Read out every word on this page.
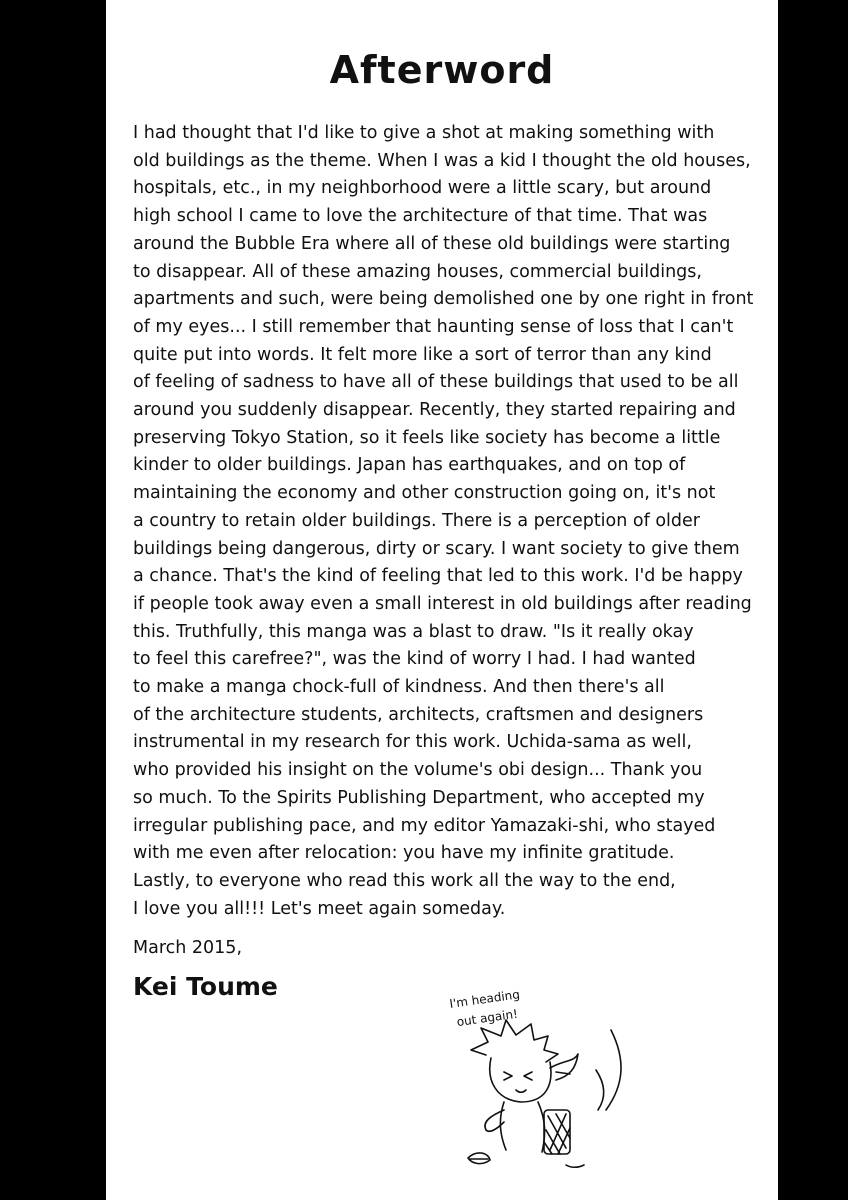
Afterword
I had thought that I'd like to give a shot at making something with
old buildings as the theme. When I was a kid I thought the old houses,
hospitals, etc., in my neighborhood were a little scary, but around
high school I came to love the architecture of that time. That was
around the Bubble Era where all of these old buildings were starting
to disappear. All of these amazing houses, commercial buildings,
apartments and such, were being demolished one by one right in front
of my eyes... I still remember that haunting sense of loss that I can't
quite put into words. It felt more like a sort of terror than any kind
of feeling of sadness to have all of these buildings that used to be all
around you suddenly disappear. Recently, they started repairing and
preserving Tokyo Station, so it feels like society has become a little
kinder to older buildings. Japan has earthquakes, and on top of
maintaining the economy and other construction going on, it's not
a country to retain older buildings. There is a perception of older
buildings being dangerous, dirty or scary. I want society to give them
a chance. That's the kind of feeling that led to this work. I'd be happy
if people took away even a small interest in old buildings after reading
this. Truthfully, this manga was a blast to draw. "Is it really okay
to feel this carefree?", was the kind of worry I had. I had wanted
to make a manga chock-full of kindness. And then there's all
of the architecture students, architects, craftsmen and designers
instrumental in my research for this work. Uchida-sama as well,
who provided his insight on the volume's obi design... Thank you
so much. To the Spirits Publishing Department, who accepted my
irregular publishing pace, and my editor Yamazaki-shi, who stayed
with me even after relocation: you have my infinite gratitude.
Lastly, to everyone who read this work all the way to the end,
I love you all!!! Let's meet again someday.
March 2015,
Kei Toume	I'm heading
out again!
